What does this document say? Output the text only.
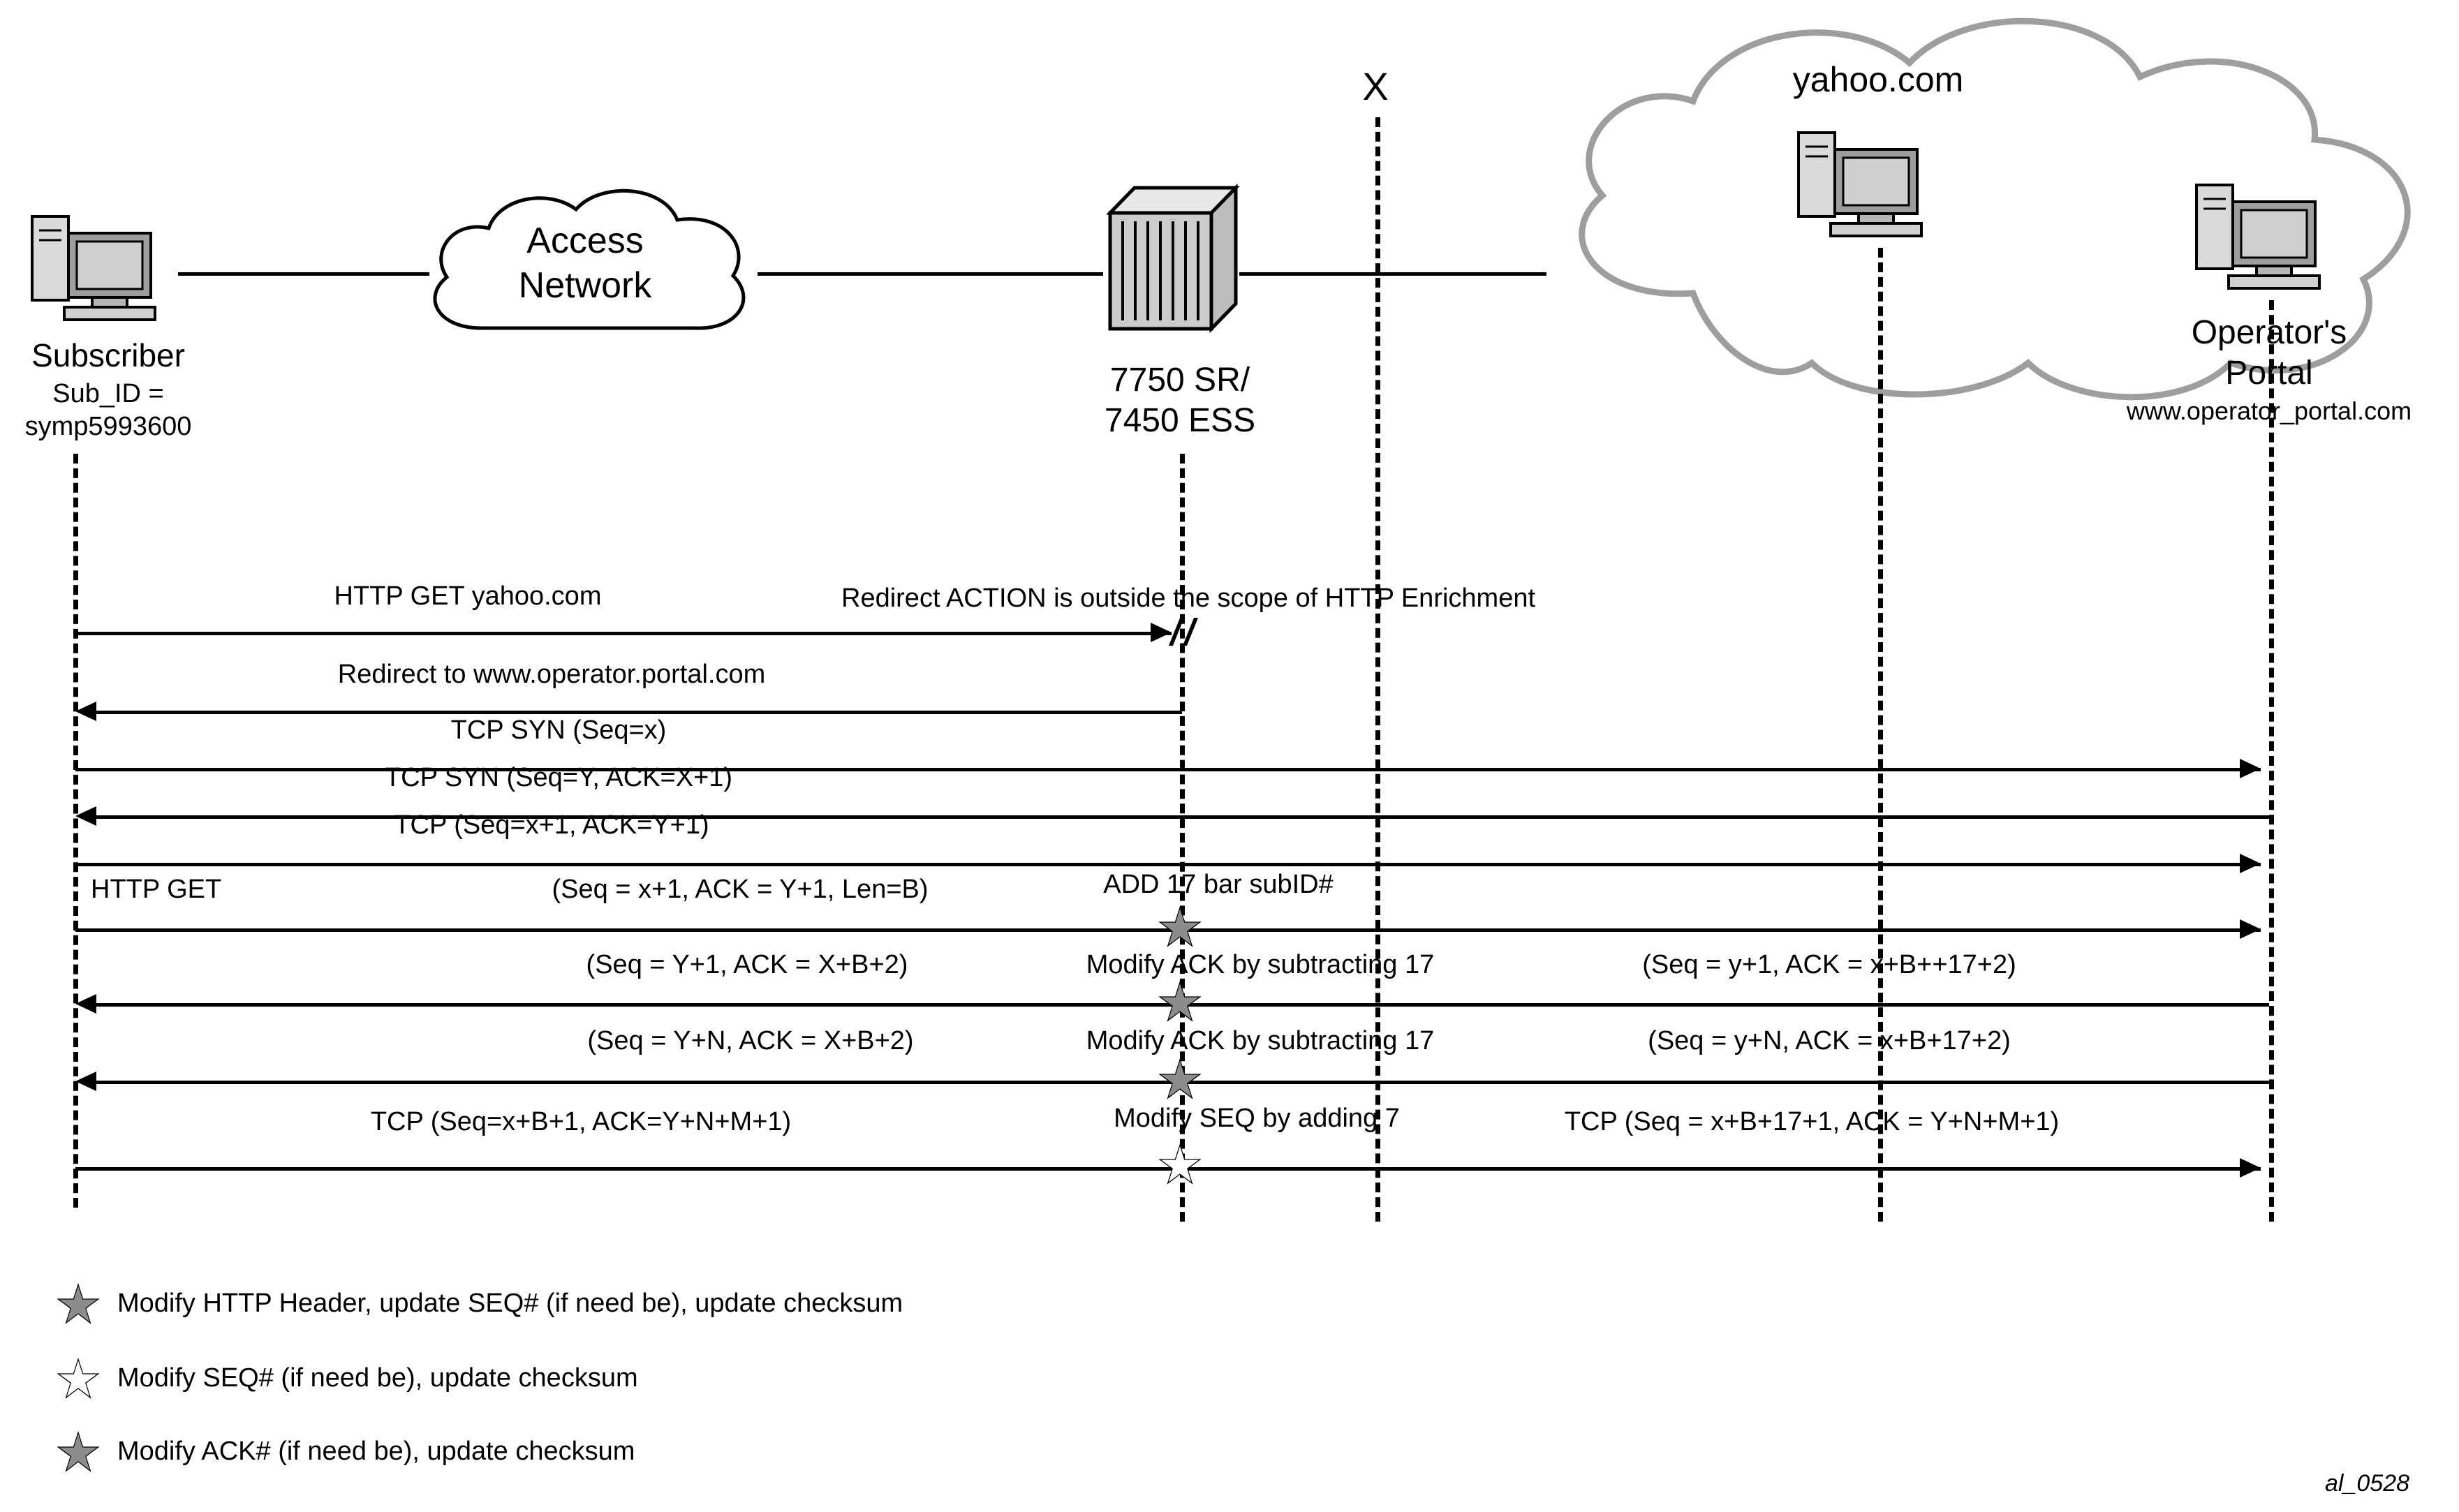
Subscriber
Sub_ID =
symp5993600
Access
Network
7750 SR/
7450 ESS
X	yahoo.com
Operator's
Portal
www.operator_portal.com
Redirect ACTION is outside the scope of HTTP Enrichment
HTTP GET yahoo.com
Redirect to www.operator.portal.com
TCP SYN (Seq=x)
TCP SYN (Seq=Y, ACK=X+1)
TCP (Seq=x+1, ACK=Y+1)
HTTP GET	(Seq = x+1, ACK = Y+1, Len=B)	ADD 17 bar subID#
(Seq = Y+1, ACK = X+B+2)	Modify ACK by subtracting 17	(Seq = y+1, ACK = x+B++17+2)
(Seq = Y+N, ACK = X+B+2)	Modify ACK by subtracting 17	(Seq = y+N, ACK = x+B+17+2)
TCP (Seq=x+B+1, ACK=Y+N+M+1)	Modify SEQ by adding 7	TCP (Seq = x+B+17+1, ACK = Y+N+M+1)
Modify HTTP Header, update SEQ# (if need be), update checksum
Modify SEQ# (if need be), update checksum
Modify ACK# (if need be), update checksum
al_0528
